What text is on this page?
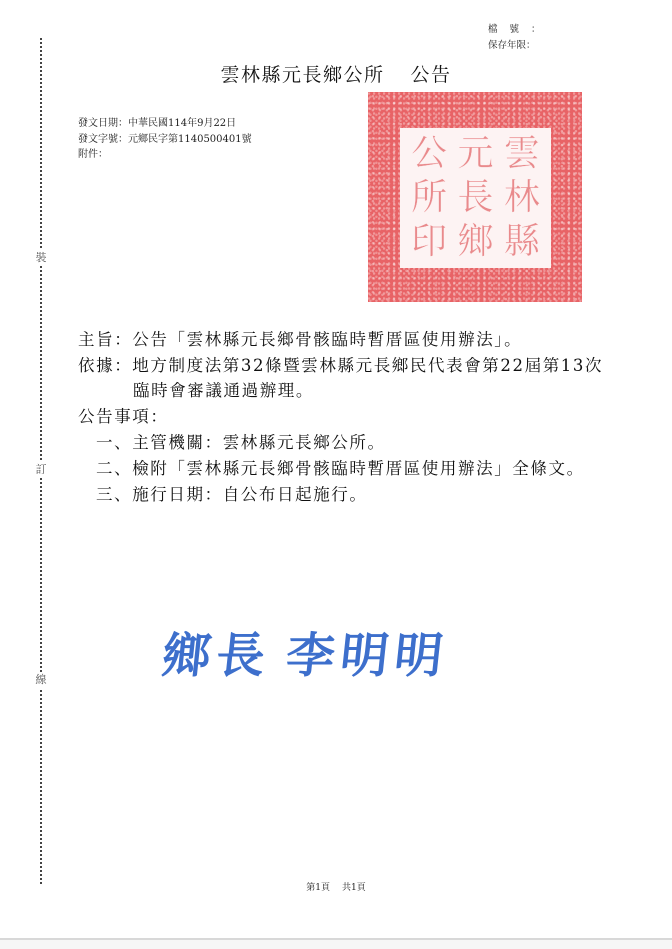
裝
訂
線
檔號：
保存年限：
雲林縣元長鄉公所 公告
發文日期：中華民國114年9月22日
發文字號：元鄉民字第1140500401號
附件：	雲
林
縣
元
長
鄉
公
所
印
主旨：公告「雲林縣元長鄉骨骸臨時暫厝區使用辦法」。
依據：地方制度法第32條暨雲林縣元長鄉民代表會第22屆第13次
臨時會審議通過辦理。
公告事項：
一、主管機關：雲林縣元長鄉公所。
二、檢附「雲林縣元長鄉骨骸臨時暫厝區使用辦法」全條文。
三、施行日期：自公布日起施行。
鄉長 李明明
第1頁 共1頁
